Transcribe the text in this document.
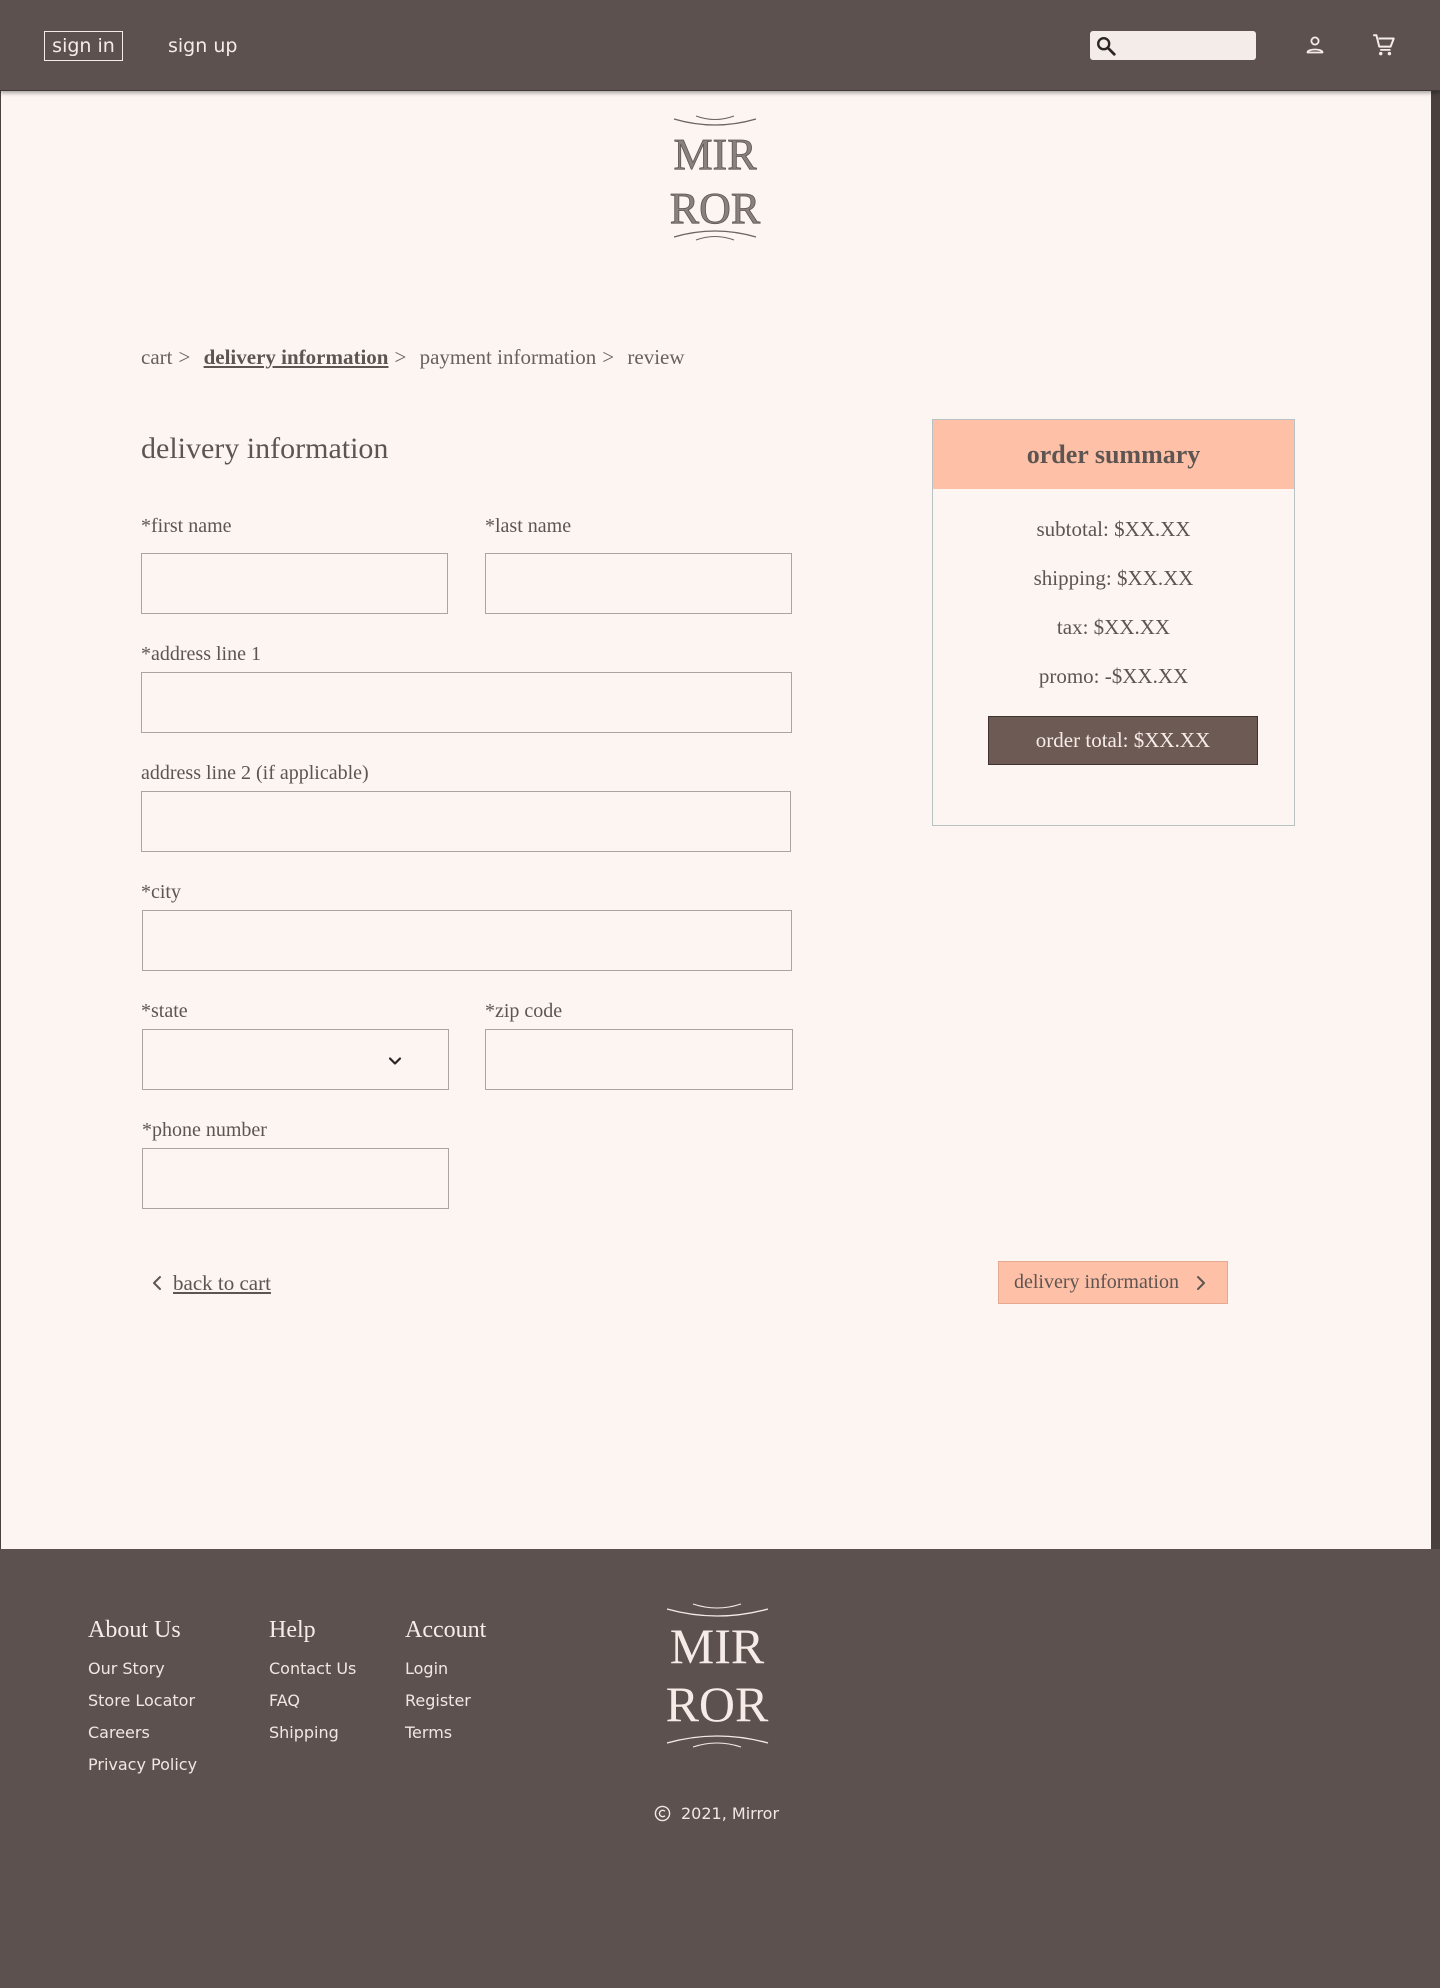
sign in	sign up
MIR
ROR
cart > delivery information > payment information > review
delivery information
*first name	*last name
*address line 1
address line 2 (if applicable)
*city
*state	*zip code
*phone number
back to cart	delivery information
order summary
subtotal: $XX.XX
shipping: $XX.XX
tax: $XX.XX
promo: -$XX.XX
order total: $XX.XX
About Us
Our Story
Store Locator
Careers
Privacy Policy
Help
Contact Us
FAQ
Shipping
Account
Login
Register
Terms
MIR
ROR
2021, Mirror
